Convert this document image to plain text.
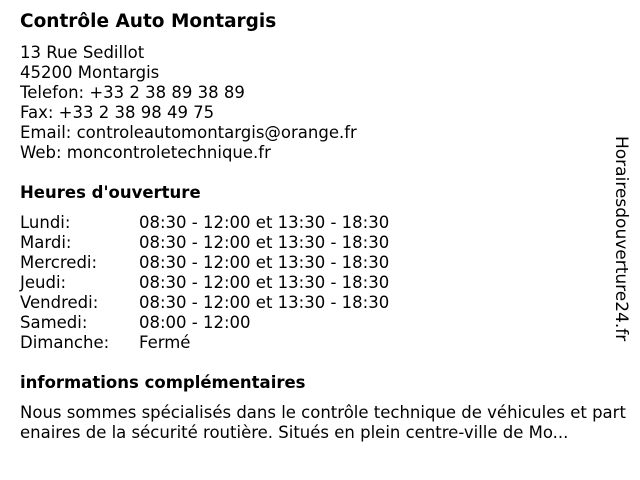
Contrôle Auto Montargis
13 Rue Sedillot
45200 Montargis
Telefon: +33 2 38 89 38 89
Fax: +33 2 38 98 49 75
Email: controleautomontargis@orange.fr
Web: moncontroletechnique.fr
Heures d'ouverture
Lundi:	08:30 - 12:00 et 13:30 - 18:30
Mardi:	08:30 - 12:00 et 13:30 - 18:30
Mercredi:	08:30 - 12:00 et 13:30 - 18:30
Jeudi:	08:30 - 12:00 et 13:30 - 18:30
Vendredi:	08:30 - 12:00 et 13:30 - 18:30
Samedi:	08:00 - 12:00
Dimanche:	Fermé
informations complémentaires
Nous sommes spécialisés dans le contrôle technique de véhicules et partenaires de la sécurité routière. Situés en plein centre-ville de Mo...
Horairesdouverture24.fr
